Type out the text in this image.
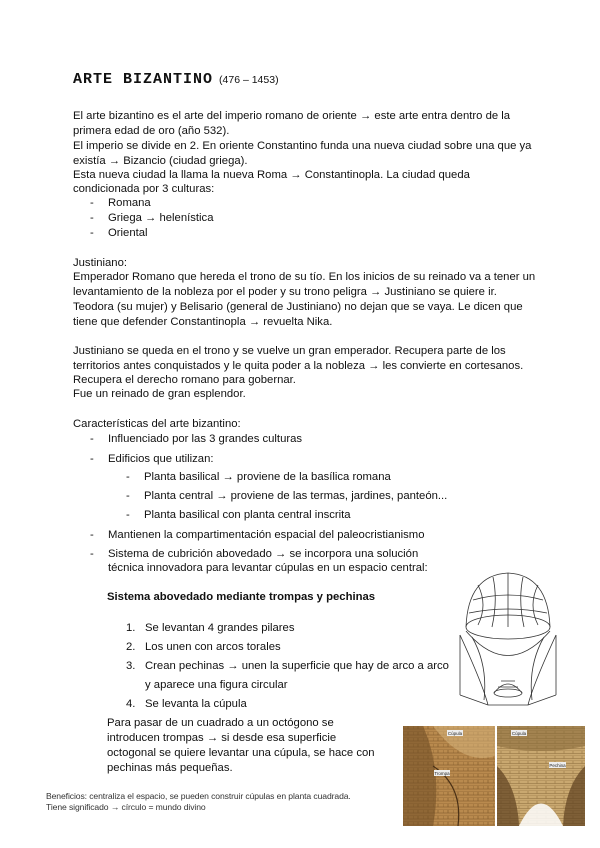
ARTE BIZANTINO (476 – 1453)
El arte bizantino es el arte del imperio romano de oriente → este arte entra dentro de la
primera edad de oro (año 532).
El imperio se divide en 2. En oriente Constantino funda una nueva ciudad sobre una que ya
existía → Bizancio (ciudad griega).
Esta nueva ciudad la llama la nueva Roma → Constantinopla. La ciudad queda
condicionada por 3 culturas:
- Romana
- Griega → helenística
- Oriental
Justiniano:
Emperador Romano que hereda el trono de su tío. En los inicios de su reinado va a tener un
levantamiento de la nobleza por el poder y su trono peligra → Justiniano se quiere ir.
Teodora (su mujer) y Belisario (general de Justiniano) no dejan que se vaya. Le dicen que
tiene que defender Constantinopla → revuelta Nika.
Justiniano se queda en el trono y se vuelve un gran emperador. Recupera parte de los
territorios antes conquistados y le quita poder a la nobleza → les convierte en cortesanos.
Recupera el derecho romano para gobernar.
Fue un reinado de gran esplendor.
Características del arte bizantino:
- Influenciado por las 3 grandes culturas
- Edificios que utilizan:
- Planta basilical → proviene de la basílica romana
- Planta central → proviene de las termas, jardines, panteón...
- Planta basilical con planta central inscrita
- Mantienen la compartimentación espacial del paleocristianismo
- Sistema de cubrición abovedado → se incorpora una solución
técnica innovadora para levantar cúpulas en un espacio central:
Sistema abovedado mediante trompas y pechinas
1. Se levantan 4 grandes pilares
2. Los unen con arcos torales
3. Crean pechinas → unen la superficie que hay de arco a arco
y aparece una figura circular
4. Se levanta la cúpula
Para pasar de un cuadrado a un octógono se
introducen trompas → si desde esa superficie
octogonal se quiere levantar una cúpula, se hace con
pechinas más pequeñas.
Beneficios: centraliza el espacio, se pueden construir cúpulas en planta cuadrada.
Tiene significado → círculo = mundo divino
Cúpula
Trompa
Cúpula
Pechina
